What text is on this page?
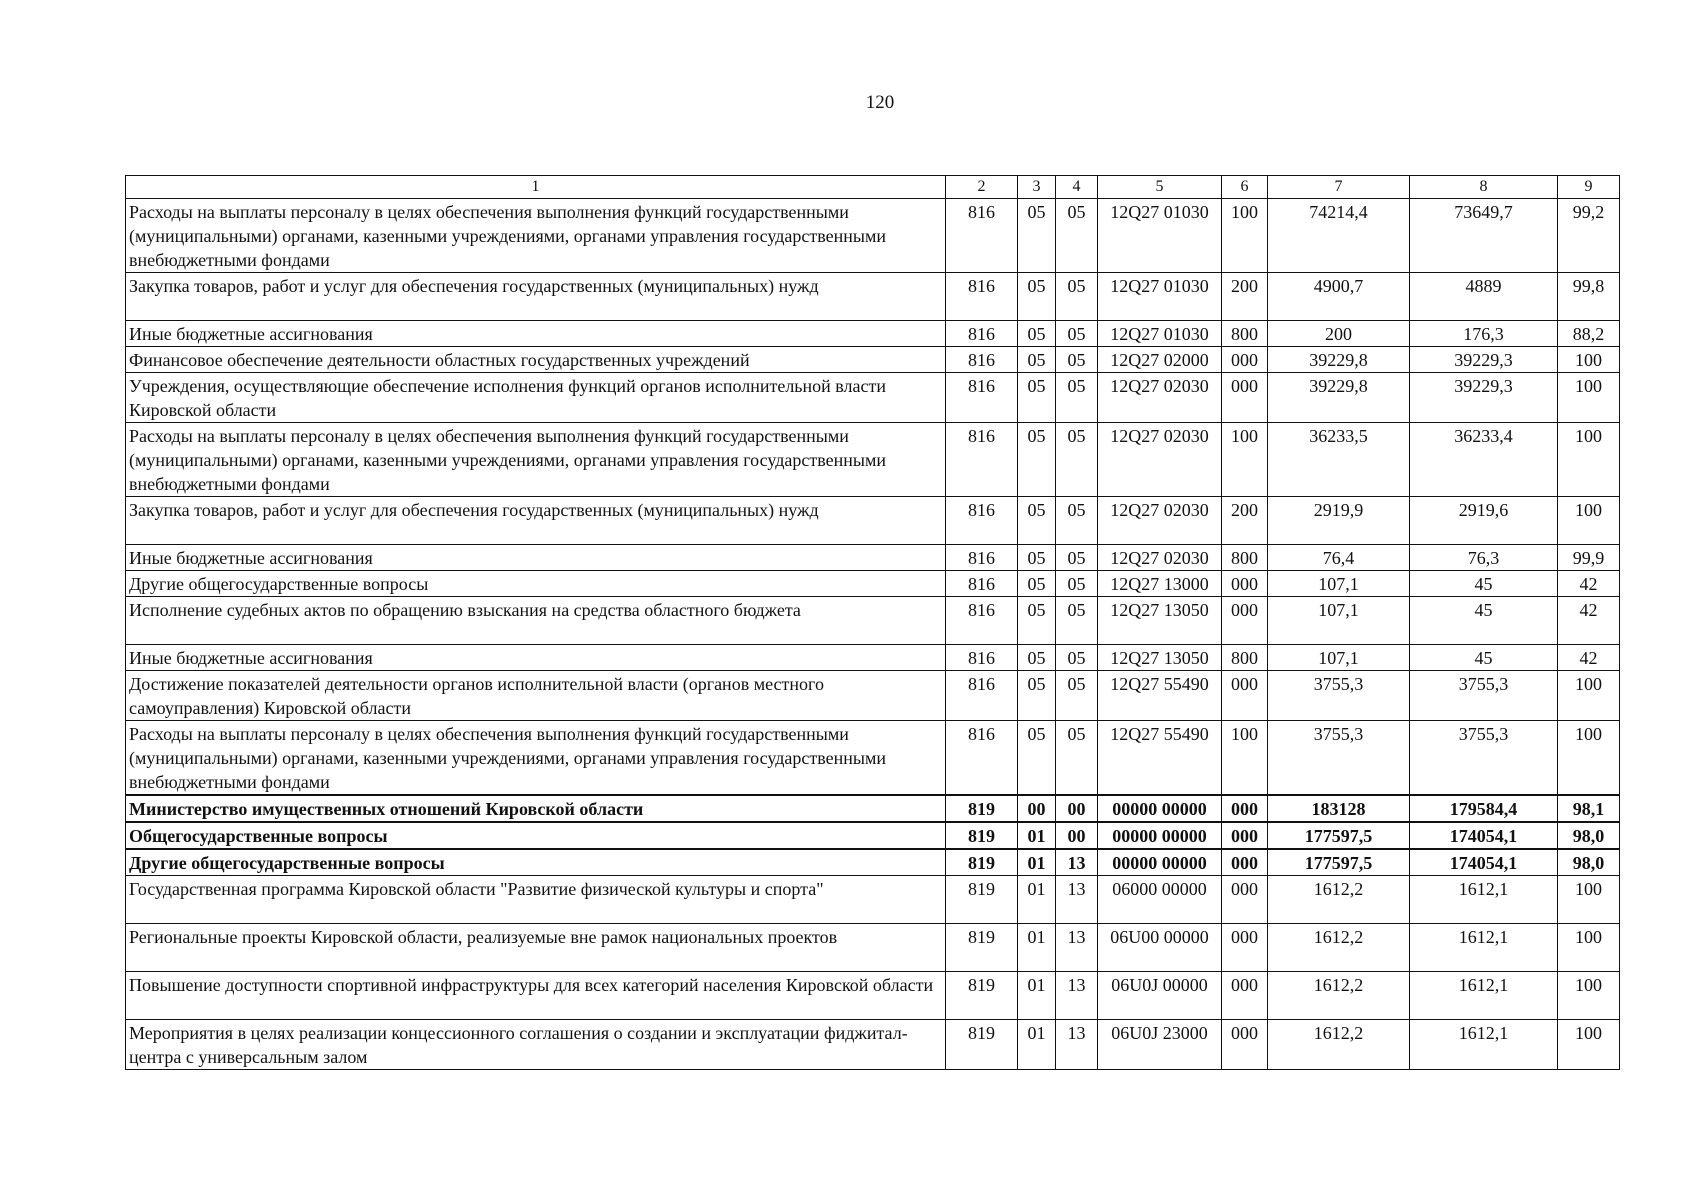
120
1	2	3	4	5	6	7	8	9
Расходы на выплаты персоналу в целях обеспечения выполнения функций государственными (муниципальными) органами, казенными учреждениями, органами управления государственными внебюджетными фондами	816	05	05	12Q27 01030	100	74214,4	73649,7	99,2
Закупка товаров, работ и услуг для обеспечения государственных (муниципальных) нужд	816	05	05	12Q27 01030	200	4900,7	4889	99,8
Иные бюджетные ассигнования	816	05	05	12Q27 01030	800	200	176,3	88,2
Финансовое обеспечение деятельности областных государственных учреждений	816	05	05	12Q27 02000	000	39229,8	39229,3	100
Учреждения, осуществляющие обеспечение исполнения функций органов исполнительной власти Кировской области	816	05	05	12Q27 02030	000	39229,8	39229,3	100
Расходы на выплаты персоналу в целях обеспечения выполнения функций государственными (муниципальными) органами, казенными учреждениями, органами управления государственными внебюджетными фондами	816	05	05	12Q27 02030	100	36233,5	36233,4	100
Закупка товаров, работ и услуг для обеспечения государственных (муниципальных) нужд	816	05	05	12Q27 02030	200	2919,9	2919,6	100
Иные бюджетные ассигнования	816	05	05	12Q27 02030	800	76,4	76,3	99,9
Другие общегосударственные вопросы	816	05	05	12Q27 13000	000	107,1	45	42
Исполнение судебных актов по обращению взыскания на средства областного бюджета	816	05	05	12Q27 13050	000	107,1	45	42
Иные бюджетные ассигнования	816	05	05	12Q27 13050	800	107,1	45	42
Достижение показателей деятельности органов исполнительной власти (органов местного самоуправления) Кировской области	816	05	05	12Q27 55490	000	3755,3	3755,3	100
Расходы на выплаты персоналу в целях обеспечения выполнения функций государственными (муниципальными) органами, казенными учреждениями, органами управления государственными внебюджетными фондами	816	05	05	12Q27 55490	100	3755,3	3755,3	100
Министерство имущественных отношений Кировской области	819	00	00	00000 00000	000	183128	179584,4	98,1
Общегосударственные вопросы	819	01	00	00000 00000	000	177597,5	174054,1	98,0
Другие общегосударственные вопросы	819	01	13	00000 00000	000	177597,5	174054,1	98,0
Государственная программа Кировской области "Развитие физической культуры и спорта"	819	01	13	06000 00000	000	1612,2	1612,1	100
Региональные проекты Кировской области, реализуемые вне рамок национальных проектов	819	01	13	06U00 00000	000	1612,2	1612,1	100
Повышение доступности спортивной инфраструктуры для всех категорий населения Кировской области	819	01	13	06U0J 00000	000	1612,2	1612,1	100
Мероприятия в целях реализации концессионного соглашения о создании и эксплуатации фиджитал-центра с универсальным залом	819	01	13	06U0J 23000	000	1612,2	1612,1	100
